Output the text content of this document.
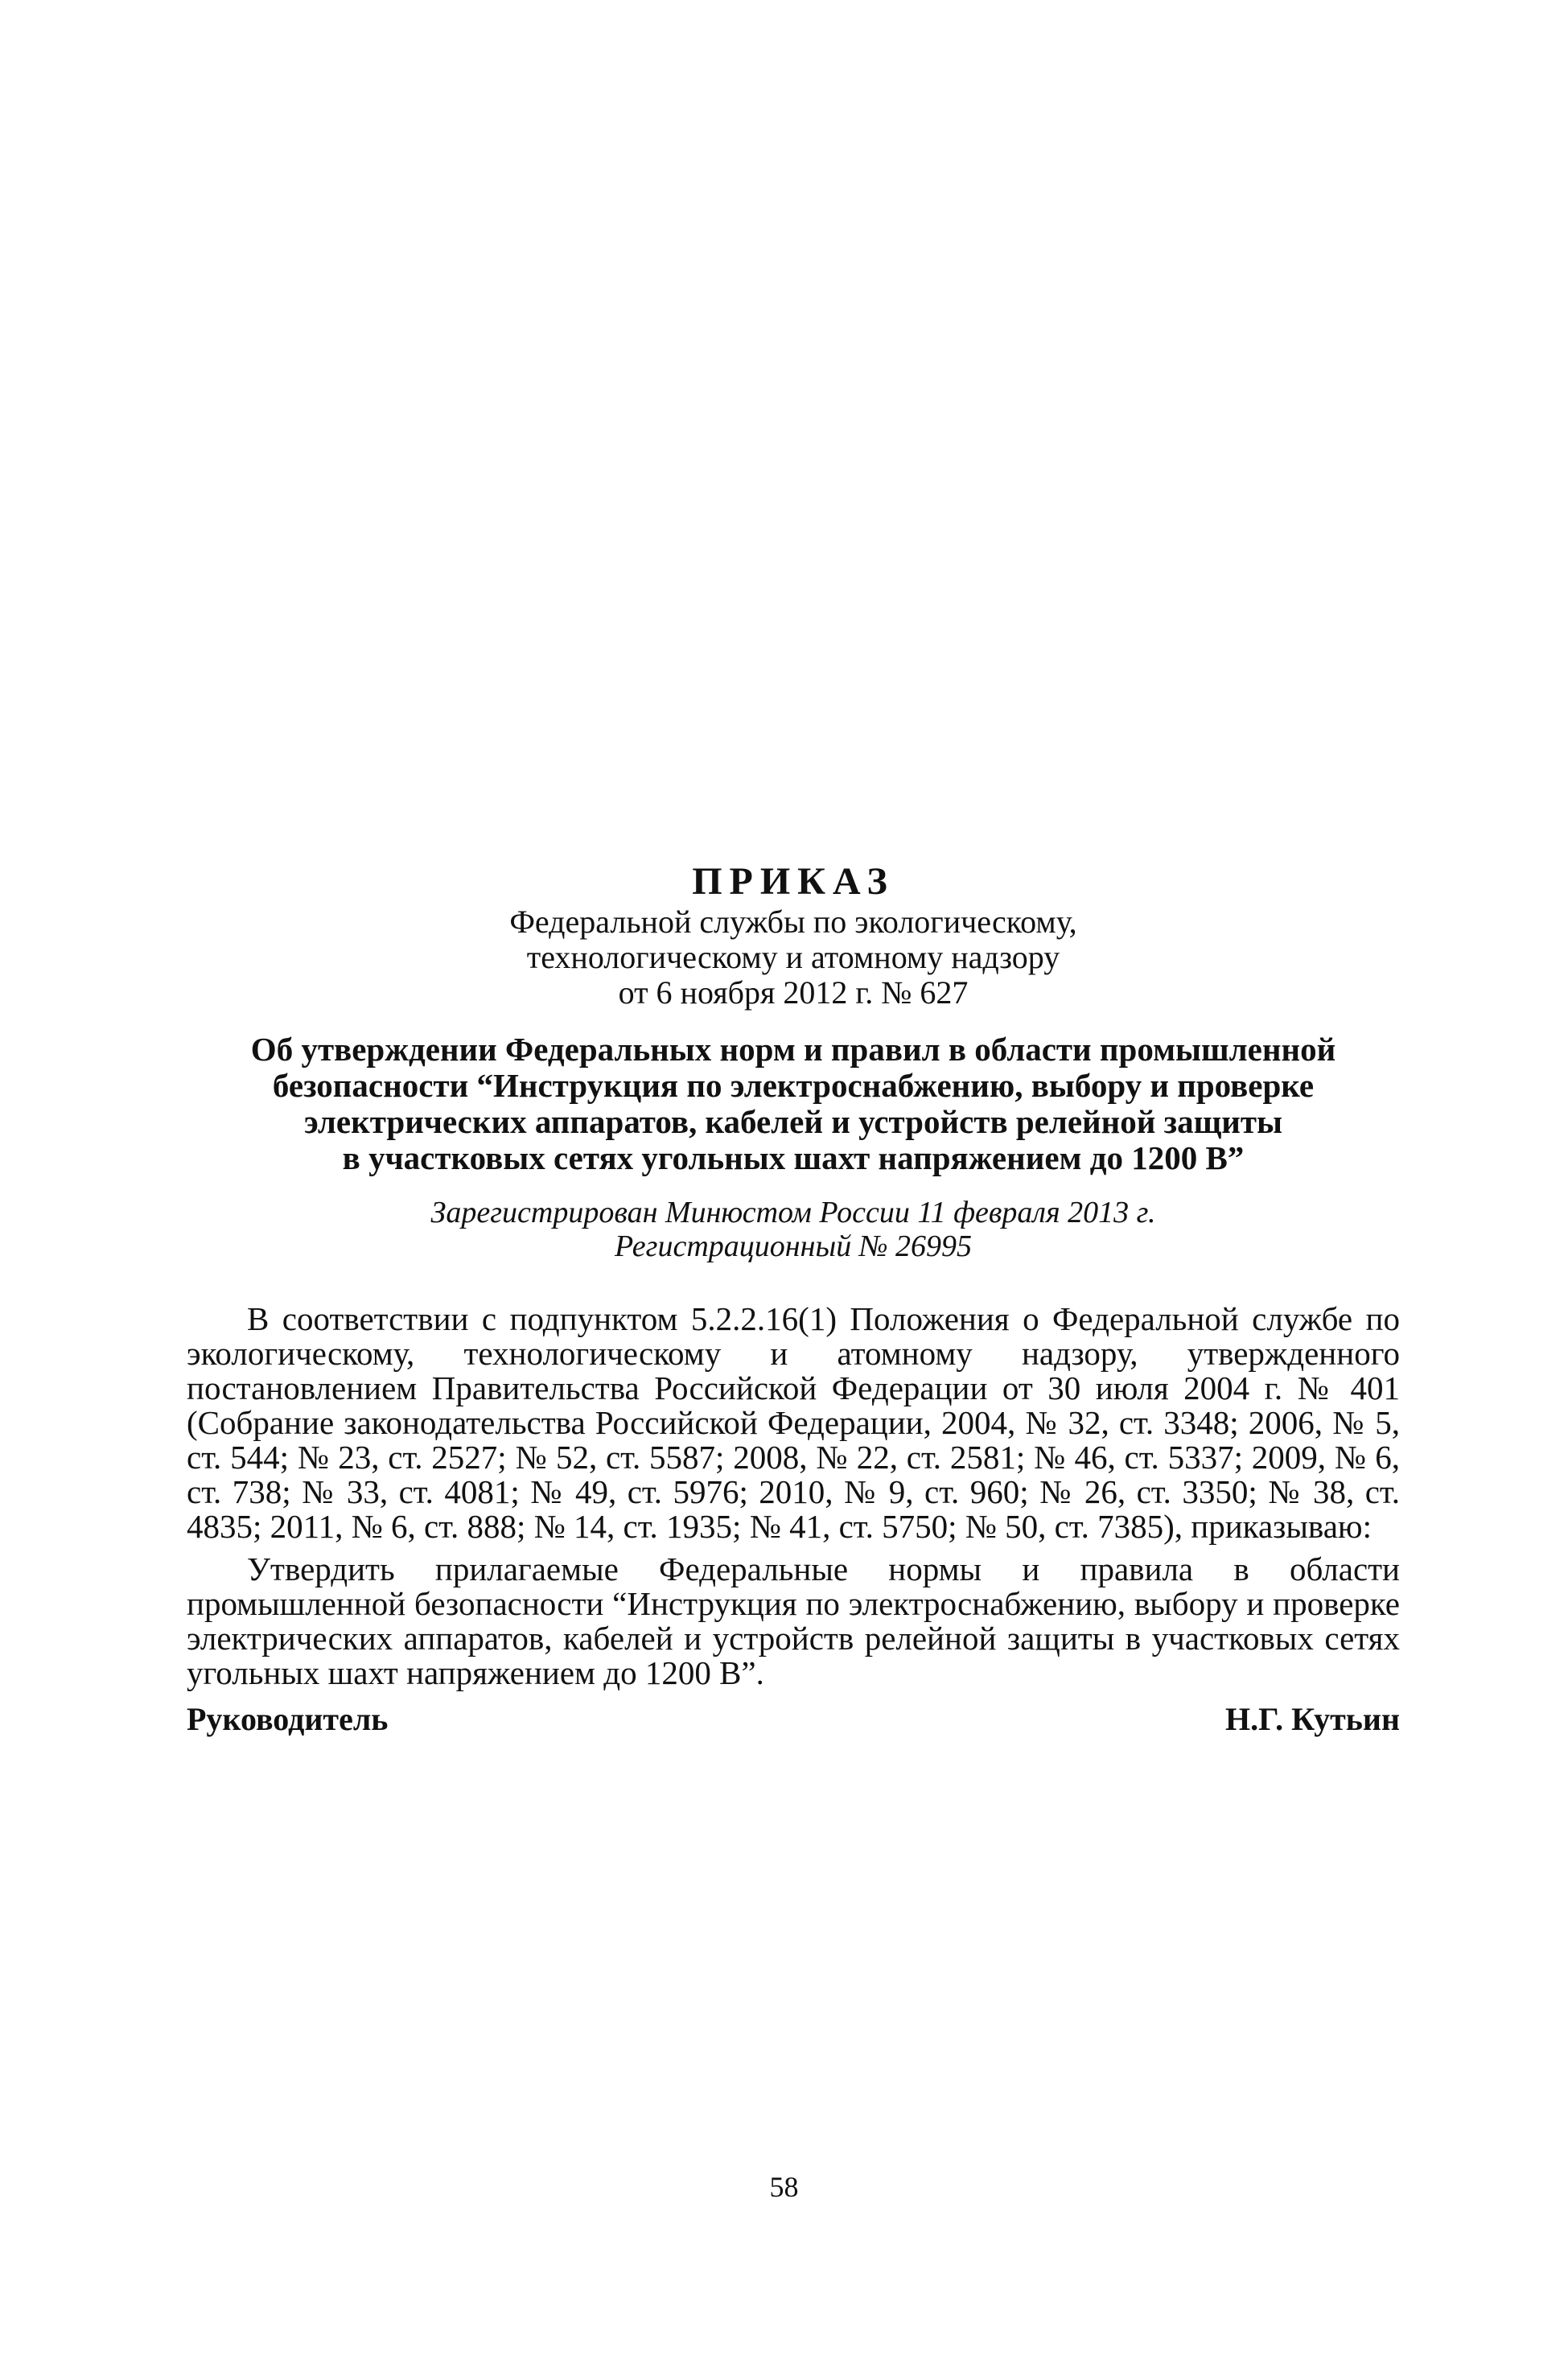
ПРИКАЗ

Федеральной службы по экологическому,
технологическому и атомному надзору
от 6 ноября 2012 г. № 627

Об утверждении Федеральных норм и правил в области промышленной
безопасности “Инструкция по электроснабжению, выбору и проверке
электрических аппаратов, кабелей и устройств релейной защиты
в участковых сетях угольных шахт напряжением до 1200 В”

Зарегистрирован Минюстом России 11 февраля 2013 г.
Регистрационный № 26995

В соответствии с подпунктом 5.2.2.16(1) Положения о Федеральной службе по экологическому, технологическому и атомному надзору, утвержденного постановлением Правительства Российской Федерации от 30 июля 2004 г. № 401 (Собрание законодательства Российской Федерации, 2004, № 32, ст. 3348; 2006, № 5, ст. 544; № 23, ст. 2527; № 52, ст. 5587; 2008, № 22, ст. 2581; № 46, ст. 5337; 2009, № 6, ст. 738; № 33, ст. 4081; № 49, ст. 5976; 2010, № 9, ст. 960; № 26, ст. 3350; № 38, ст. 4835; 2011, № 6, ст. 888; № 14, ст. 1935; № 41, ст. 5750; № 50, ст. 7385), приказываю:

Утвердить прилагаемые Федеральные нормы и правила в области промышленной безопасности “Инструкция по электроснабжению, выбору и проверке электрических аппаратов, кабелей и устройств релейной защиты в участковых сетях угольных шахт напряжением до 1200 В”.

Руководитель	Н.Г. Кутьин
58
